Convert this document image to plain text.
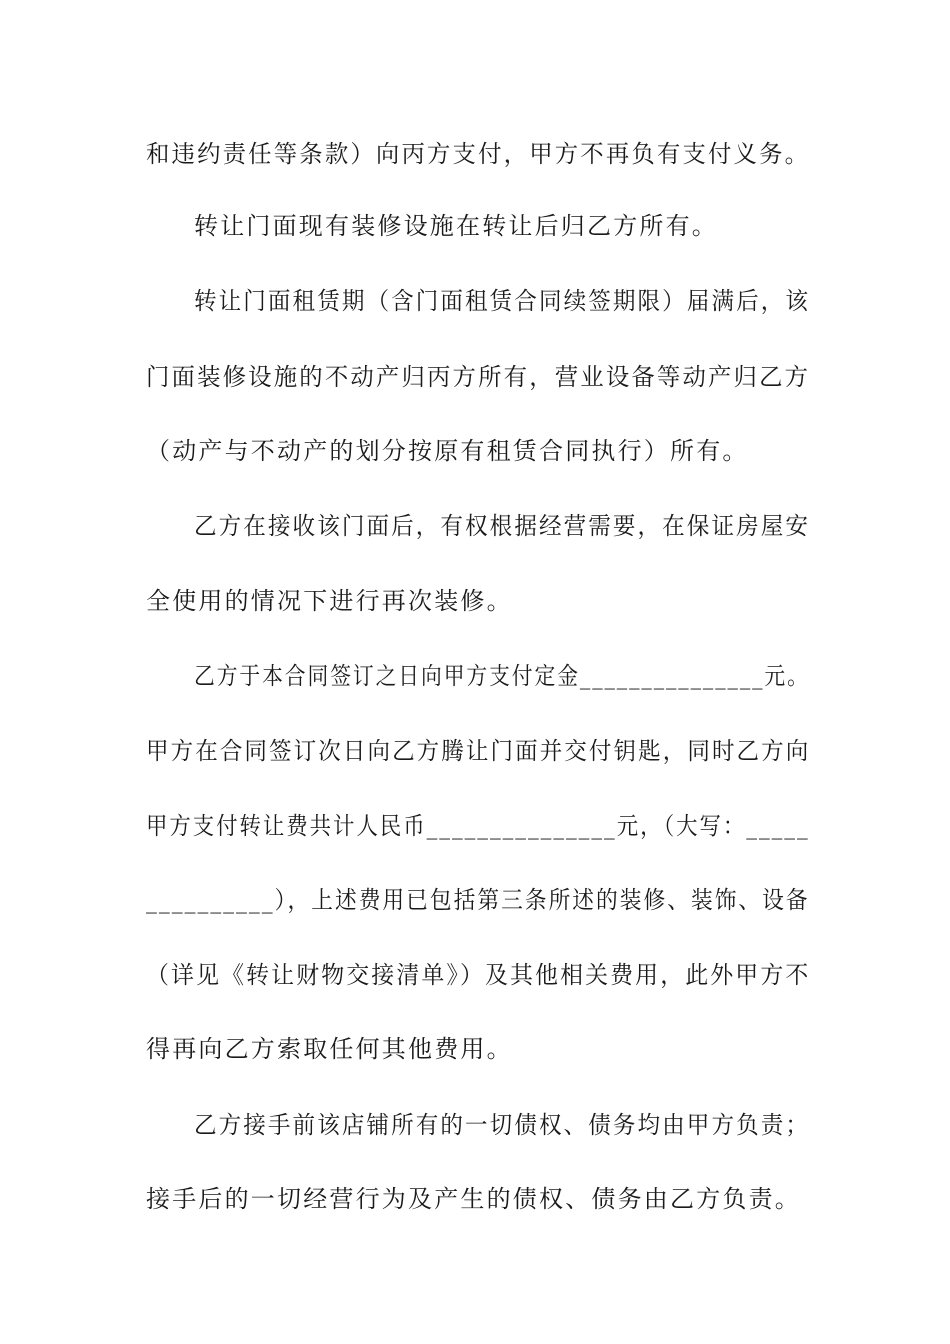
和违约责任等条款）向丙方支付，甲方不再负有支付义务。
转让门面现有装修设施在转让后归乙方所有。
转让门面租赁期（含门面租赁合同续签期限）届满后，该
门面装修设施的不动产归丙方所有，营业设备等动产归乙方
（动产与不动产的划分按原有租赁合同执行）所有。
乙方在接收该门面后，有权根据经营需要，在保证房屋安
全使用的情况下进行再次装修。
乙方于本合同签订之日向甲方支付定金_______________元。
甲方在合同签订次日向乙方腾让门面并交付钥匙，同时乙方向
甲方支付转让费共计人民币_______________元，（大写：_____
__________），上述费用已包括第三条所述的装修、装饰、设备
（详见《转让财物交接清单》）及其他相关费用，此外甲方不
得再向乙方索取任何其他费用。
乙方接手前该店铺所有的一切债权、债务均由甲方负责；
接手后的一切经营行为及产生的债权、债务由乙方负责。
